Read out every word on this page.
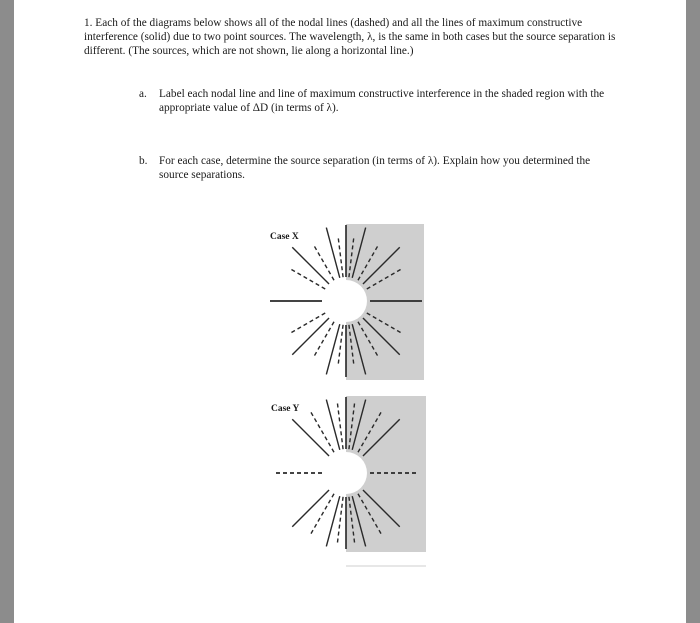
1. Each of the diagrams below shows all of the nodal lines (dashed) and all the lines of maximum constructive interference (solid) due to two point sources. The wavelength, λ, is the same in both cases but the source separation is different. (The sources, which are not shown, lie along a horizontal line.)

a. Label each nodal line and line of maximum constructive interference in the shaded region with the appropriate value of ΔD (in terms of λ).
b. For each case, determine the source separation (in terms of λ). Explain how you determined the source separations.
Case X
Case Y
